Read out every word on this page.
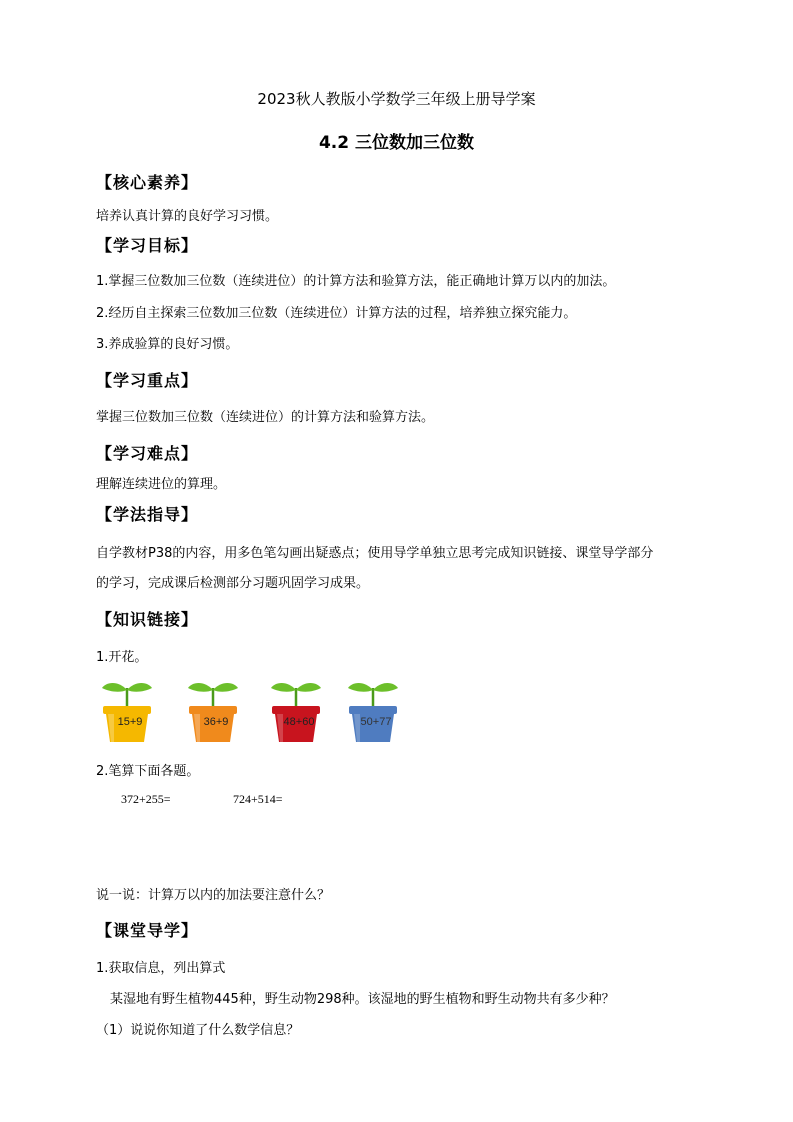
2023秋人教版小学数学三年级上册导学案
4.2 三位数加三位数
【核心素养】
培养认真计算的良好学习习惯。
【学习目标】
1.掌握三位数加三位数（连续进位）的计算方法和验算方法，能正确地计算万以内的加法。
2.经历自主探索三位数加三位数（连续进位）计算方法的过程，培养独立探究能力。
3.养成验算的良好习惯。
【学习重点】
掌握三位数加三位数（连续进位）的计算方法和验算方法。
【学习难点】
理解连续进位的算理。
【学法指导】
自学教材P38的内容，用多色笔勾画出疑惑点；使用导学单独立思考完成知识链接、课堂导学部分
的学习，完成课后检测部分习题巩固学习成果。
【知识链接】
1.开花。
15+9	36+9	48+60	50+77
2.笔算下面各题。
372+255=	724+514=
说一说：计算万以内的加法要注意什么？
【课堂导学】
1.获取信息，列出算式
某湿地有野生植物445种，野生动物298种。该湿地的野生植物和野生动物共有多少种？
（1）说说你知道了什么数学信息？
